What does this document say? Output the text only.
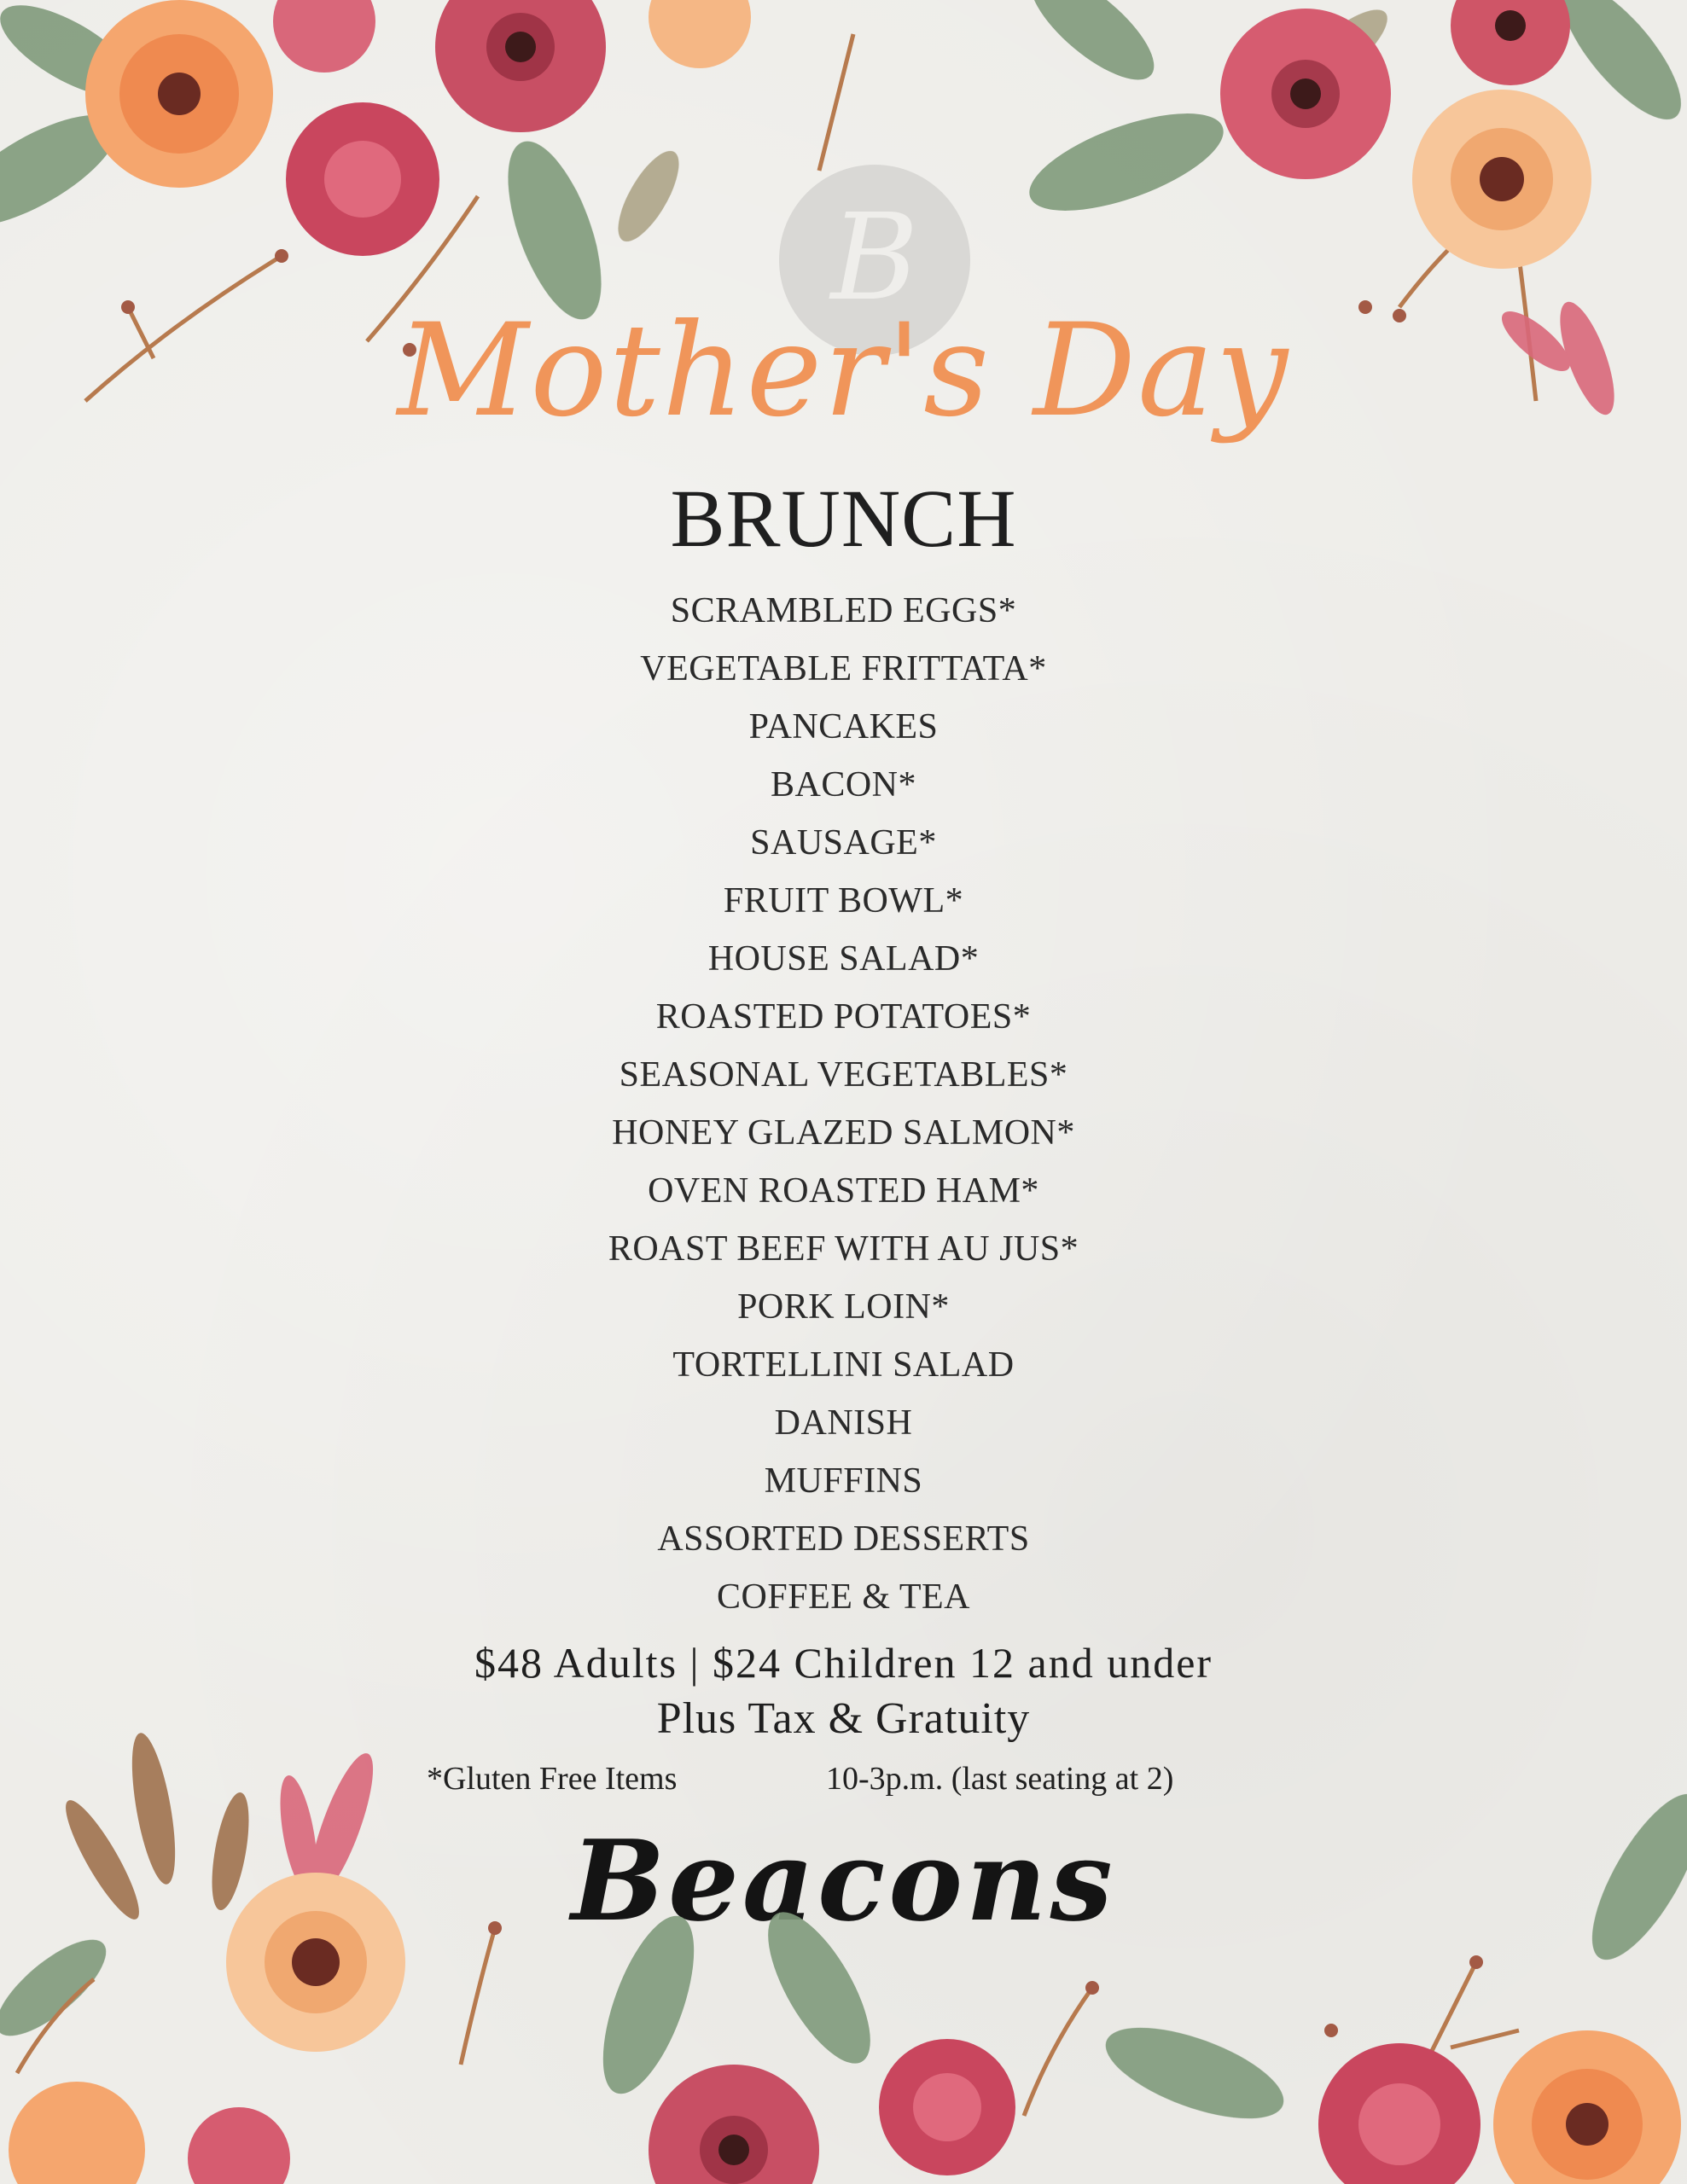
B
Mother's Day
BRUNCH
SCRAMBLED EGGS*
VEGETABLE FRITTATA*
PANCAKES
BACON*
SAUSAGE*
FRUIT BOWL*
HOUSE SALAD*
ROASTED POTATOES*
SEASONAL VEGETABLES*
HONEY GLAZED SALMON*
OVEN ROASTED HAM*
ROAST BEEF WITH AU JUS*
PORK LOIN*
TORTELLINI SALAD
DANISH
MUFFINS
ASSORTED DESSERTS
COFFEE & TEA
$48 Adults | $24 Children 12 and under
Plus Tax & Gratuity
*Gluten Free Items	10-3p.m. (last seating at 2)
Beacons
